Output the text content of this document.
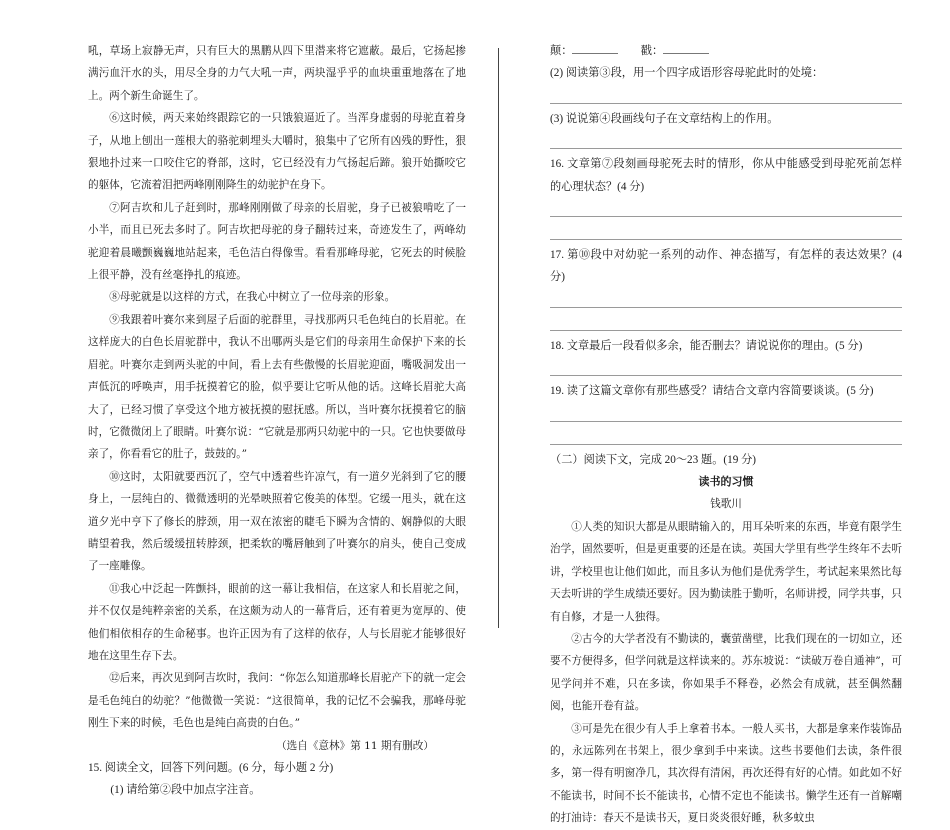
吼，草场上寂静无声，只有巨大的黑鹏从四下里潜来将它遮蔽。最后，它扬起掺满污血汗水的头，用尽全身的力气大吼一声，两块湿乎乎的血块重重地落在了地上。两个新生命诞生了。

⑥这时候，两天来始终跟踪它的一只饿狼逼近了。当浑身虚弱的母驼直着身子，从地上刨出一莲根大的骆驼刺埋头大嚼时，狼集中了它所有凶残的野性，狠狠地扑过来一口咬住它的脊部，这时，它已经没有力气扬起后蹄。狼开始撕咬它的躯体，它流着泪把两峰刚刚降生的幼驼护在身下。

⑦阿吉坎和儿子赶到时，那峰刚刚做了母亲的长眉驼，身子已被狼啃吃了一小半，而且已死去多时了。阿吉坎把母驼的身子翻转过来，奇迹发生了，两峰幼驼迎着晨曦颤巍巍地站起来，毛色洁白得像雪。看看那峰母驼，它死去的时候脸上很平静，没有丝毫挣扎的痕迹。

⑧母驼就是以这样的方式，在我心中树立了一位母亲的形象。

⑨我跟着叶赛尔来到屋子后面的驼群里，寻找那两只毛色纯白的长眉驼。在这样庞大的白色长眉驼群中，我认不出哪两头是它们的母亲用生命保护下来的长眉驼。叶赛尔走到两头驼的中间，看上去有些傲慢的长眉驼迎面，嘴吸洞发出一声低沉的呼唤声，用手抚摸着它的脸，似乎要让它听从他的话。这峰长眉驼大高大了，已经习惯了享受这个地方被抚摸的慰抚感。所以，当叶赛尔抚摸着它的脑时，它微微闭上了眼睛。叶赛尔说：“它就是那两只幼驼中的一只。它也快要做母亲了，你看看它的肚子，鼓鼓的。”

⑩这时，太阳就要西沉了，空气中透着些许凉气，有一道夕光斜到了它的腰身上，一层纯白的、微微透明的光晕映照着它俊美的体型。它缓一甩头，就在这道夕光中亨下了修长的脖颈，用一双在浓密的睫毛下瞬为含情的、娴静似的大眼睛望着我，然后缓缓扭转脖颈，把柔软的嘴唇触到了叶赛尔的肩头，使自己变成了一座雕像。

⑪我心中泛起一阵颤抖，眼前的这一幕让我相信，在这家人和长眉驼之间，并不仅仅是纯粹亲密的关系，在这颇为动人的一幕背后，还有着更为宽厚的、使他们相依相存的生命秘事。也许正因为有了这样的依存，人与长眉驼才能够很好地在这里生存下去。

⑫后来，再次见到阿吉坎时，我问：“你怎么知道那峰长眉驼产下的就一定会是毛色纯白的幼驼？”他微微一笑说：“这很简单，我的记忆不会骗我，那峰母驼刚生下来的时候，毛色也是纯白高贵的白色。”

（选自《意林》第 11 期有删改）

15. 阅读全文，回答下列问题。(6 分，每小题 2 分)

(1) 请给第②段中加点字注音。

颠：	戳：

(2) 阅读第③段，用一个四字成语形容母驼此时的处境：

(3) 说说第④段画线句子在文章结构上的作用。

16. 文章第⑦段刻画母驼死去时的情形，你从中能感受到母驼死前怎样的心理状态？(4 分)

17. 第⑩段中对幼驼一系列的动作、神态描写，有怎样的表达效果？(4 分)

18. 文章最后一段看似多余，能否删去？请说说你的理由。(5 分)

19. 读了这篇文章你有那些感受？请结合文章内容简要谈谈。(5 分)

（二）阅读下文，完成 20～23 题。(19 分)

读书的习惯

钱歌川

①人类的知识大都是从眼睛输入的，用耳朵听来的东西，毕竟有限学生治学，固然要听，但是更重要的还是在读。英国大学里有些学生终年不去听讲，学校里也让他们如此，而且多认为他们是优秀学生，考试起来果然比每天去听讲的学生成绩还要好。因为勤读胜于勤听，名师讲授，同学共事，只有自修，才是一人独得。

②古今的大学者没有不勤读的，囊萤凿壁，比我们现在的一切如立，还要不方便得多，但学问就是这样读来的。苏东坡说：“读破万卷自通神”，可见学问并不难，只在多读，你如果手不释卷，必然会有成就，甚至偶然翻阅，也能开卷有益。

③可是先在很少有人手上拿着书本。一般人买书，大都是拿来作装饰品的，永远陈列在书架上，很少拿到手中来读。这些书要他们去读，条件很多，第一得有明窗净几，其次得有清闲，再次还得有好的心情。如此如不好不能读书，时间不长不能读书，心情不定也不能读书。懒学生还有一首解嘲的打油诗：春天不是读书天，夏日炎炎很好睡，秋多蚊虫
